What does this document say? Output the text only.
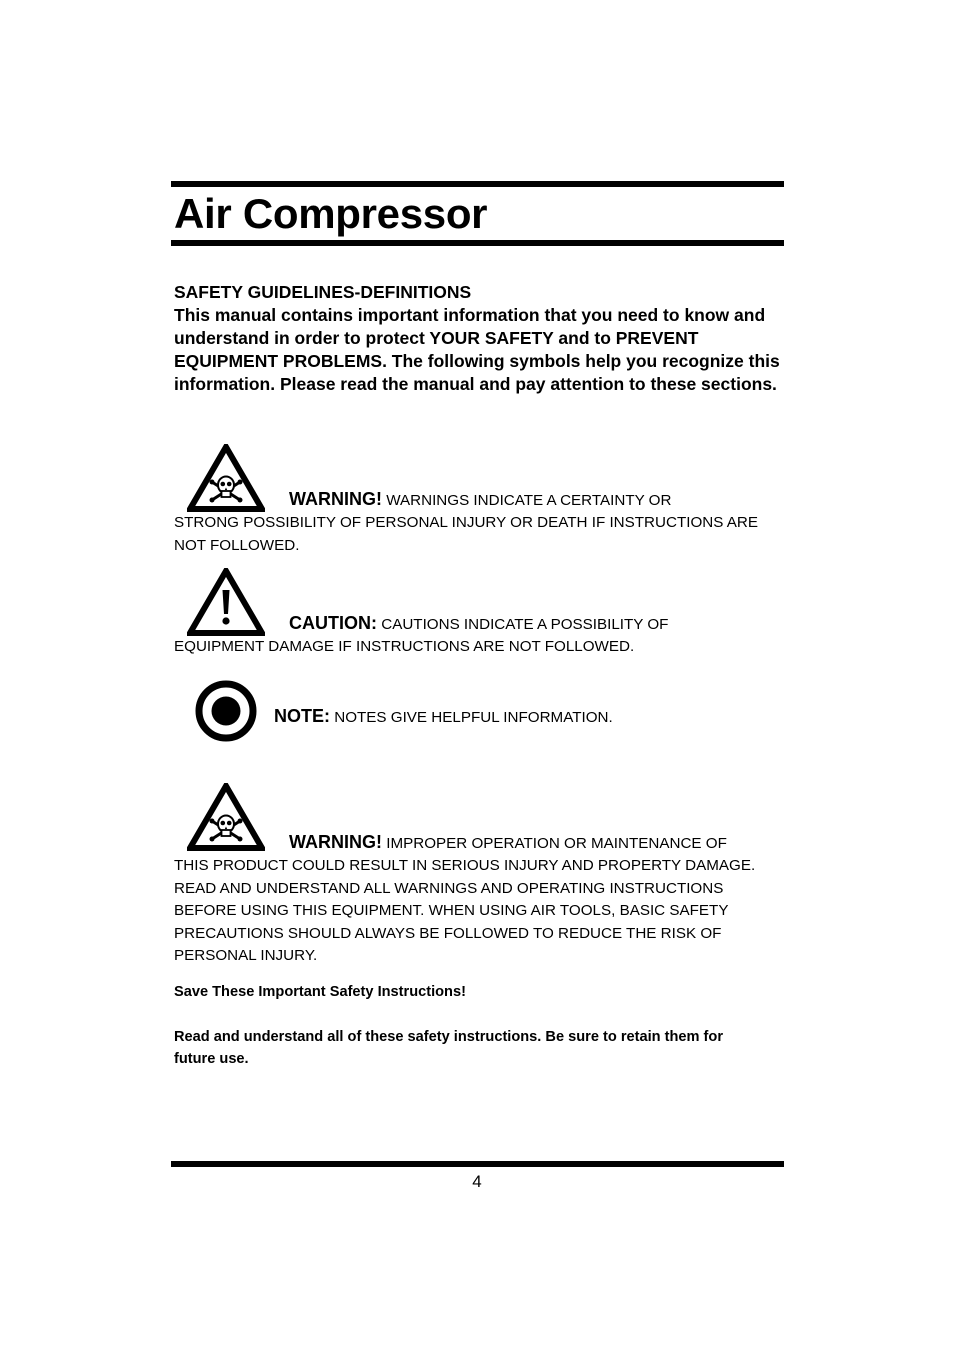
Air Compressor
SAFETY GUIDELINES-DEFINITIONS
This manual contains important information that you need to know and understand in order to protect YOUR SAFETY and to PREVENT EQUIPMENT PROBLEMS. The following symbols help you recognize this information. Please read the manual and pay attention to these sections.
WARNING! WARNINGS INDICATE A CERTAINTY OR
STRONG POSSIBILITY OF PERSONAL INJURY OR DEATH IF INSTRUCTIONS ARE NOT FOLLOWED.
CAUTION: CAUTIONS INDICATE A POSSIBILITY OF
EQUIPMENT DAMAGE IF INSTRUCTIONS ARE NOT FOLLOWED.
NOTE: NOTES GIVE HELPFUL INFORMATION.
WARNING! IMPROPER OPERATION OR MAINTENANCE OF
THIS PRODUCT COULD RESULT IN SERIOUS INJURY AND PROPERTY DAMAGE. READ AND UNDERSTAND ALL WARNINGS AND OPERATING INSTRUCTIONS BEFORE USING THIS EQUIPMENT. WHEN USING AIR TOOLS, BASIC SAFETY PRECAUTIONS SHOULD ALWAYS BE FOLLOWED TO REDUCE THE RISK OF PERSONAL INJURY.
Save These Important Safety Instructions!
Read and understand all of these safety instructions. Be sure to retain them for future use.
4
